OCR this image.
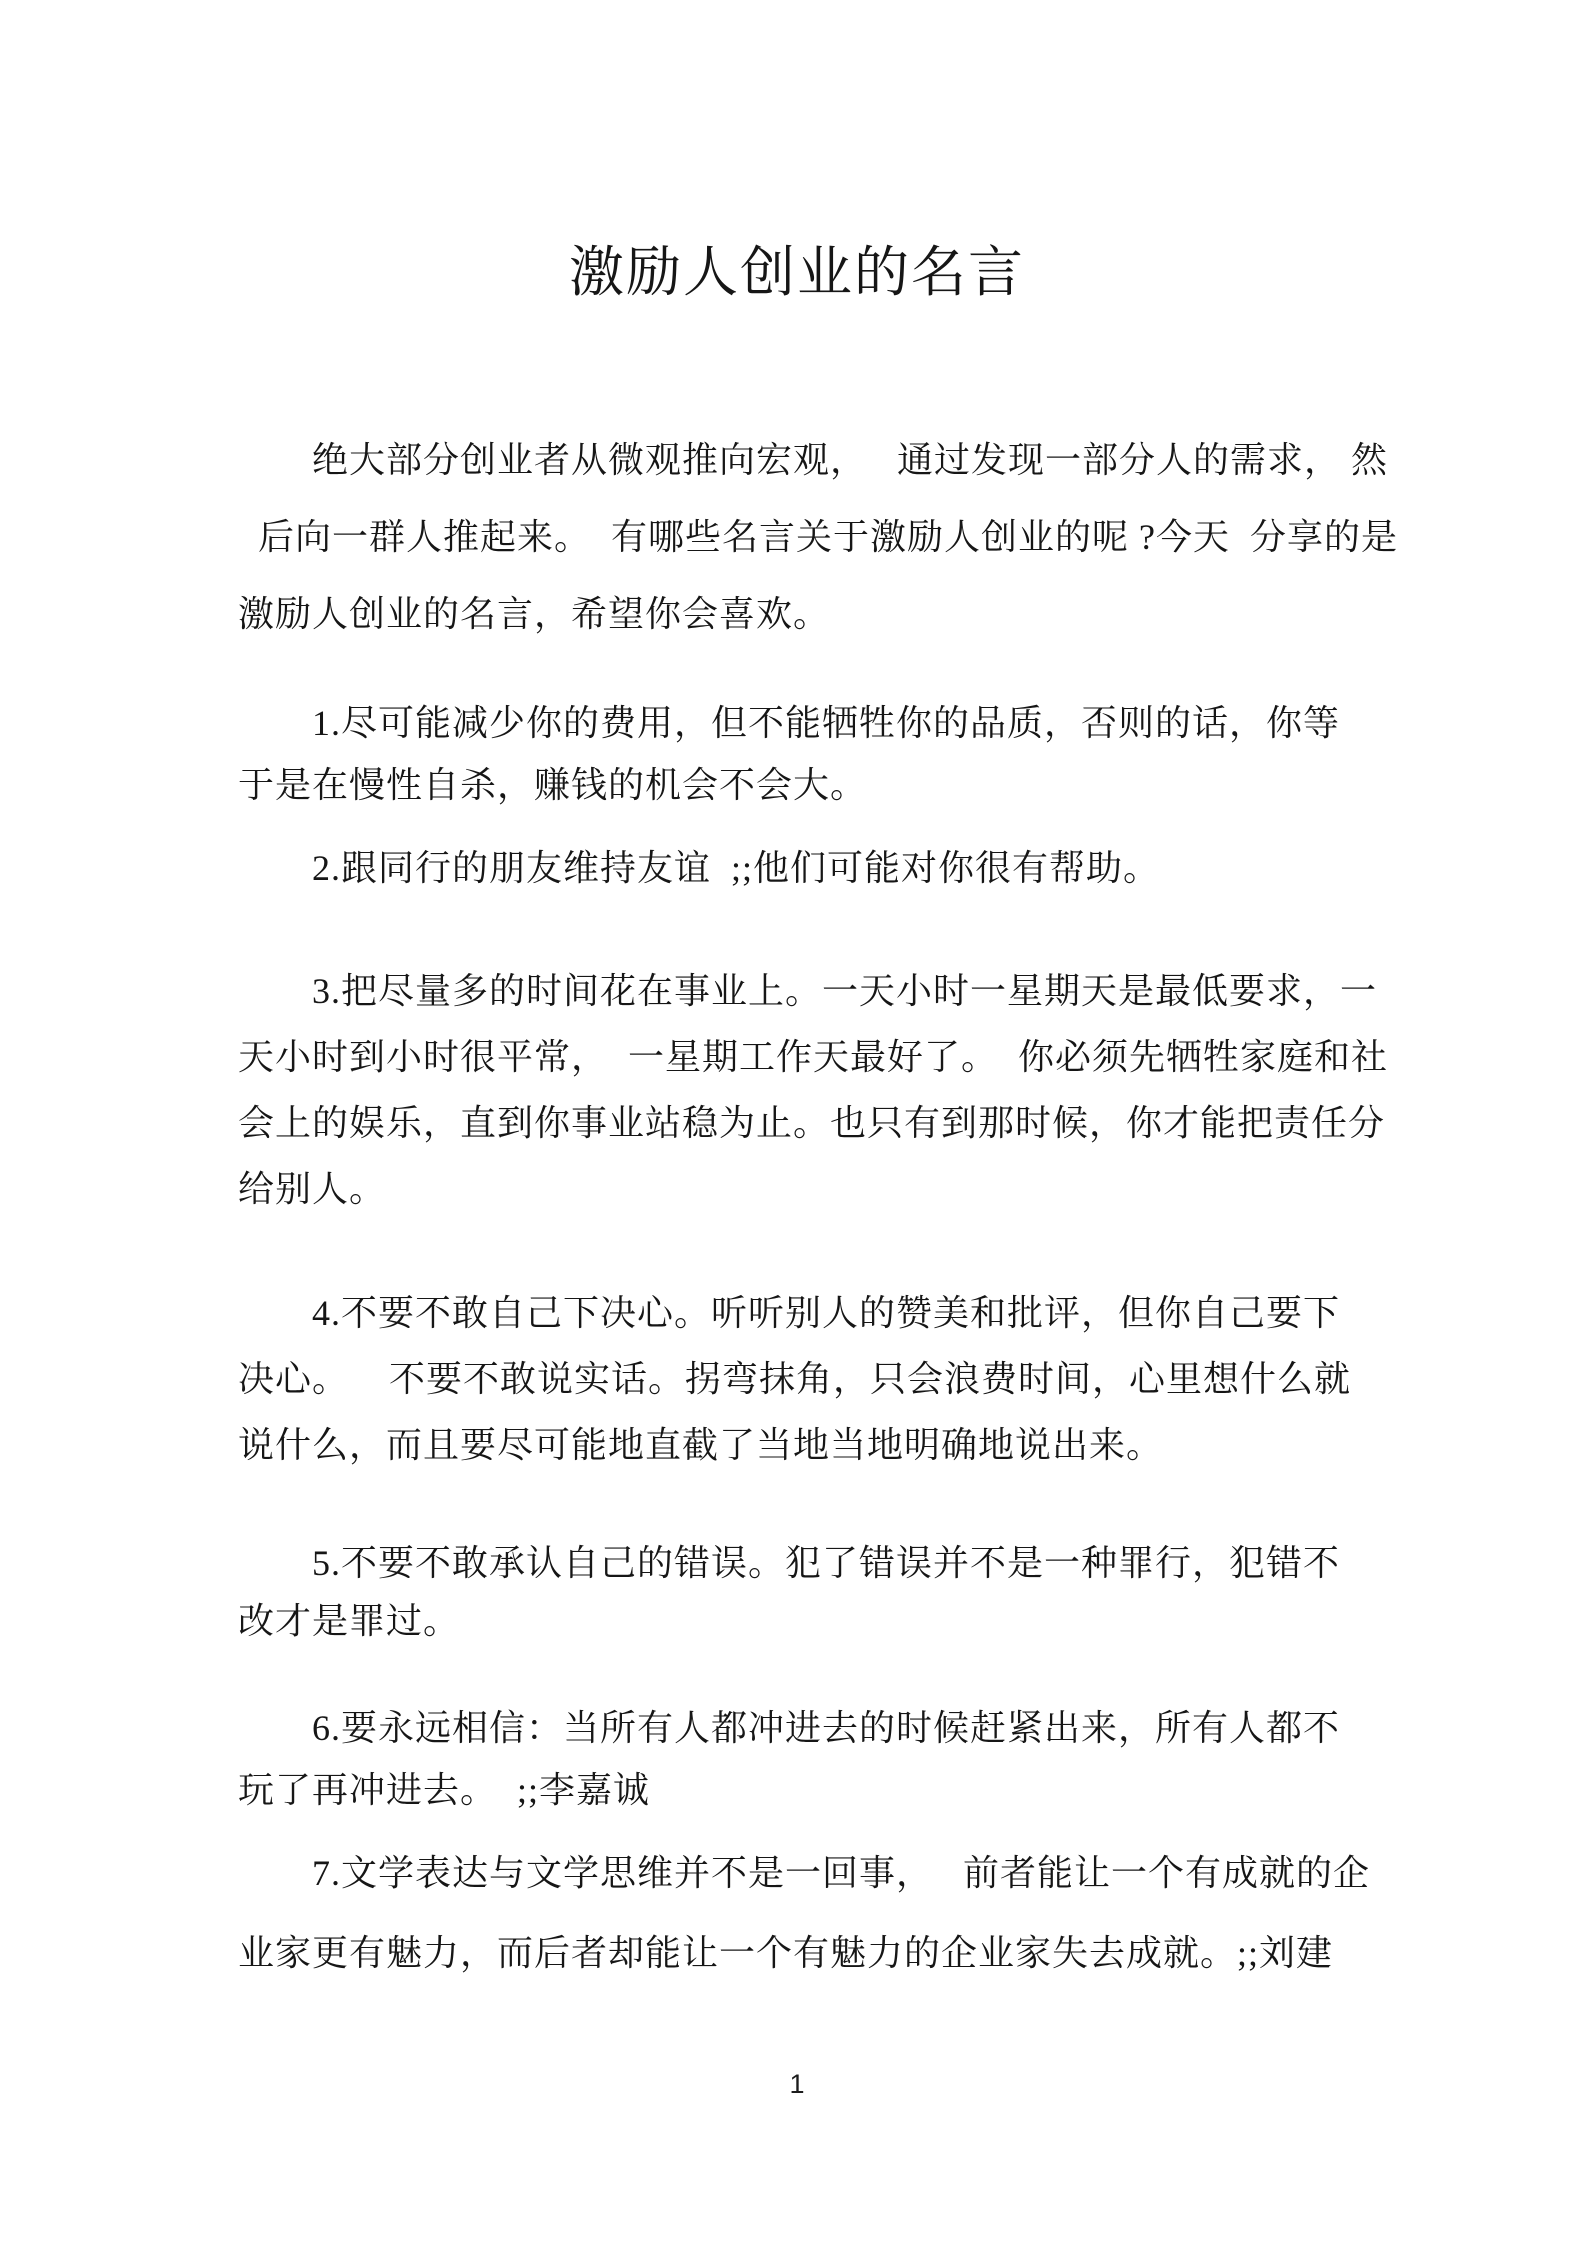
激励人创业的名言
绝大部分创业者从微观推向宏观，   通过发现一部分人的需求， 然
后向一群人推起来。  有哪些名言关于激励人创业的呢 ?今天  分享的是
激励人创业的名言，希望你会喜欢。
1.尽可能减少你的费用，但不能牺牲你的品质，否则的话，你等
于是在慢性自杀，赚钱的机会不会大。
2.跟同行的朋友维持友谊  ;;他们可能对你很有帮助。
3.把尽量多的时间花在事业上。一天小时一星期天是最低要求，一
天小时到小时很平常，  一星期工作天最好了。  你必须先牺牲家庭和社
会上的娱乐，直到你事业站稳为止。也只有到那时候，你才能把责任分
给别人。
4.不要不敢自己下决心。听听别人的赞美和批评，但你自己要下
决心。    不要不敢说实话。拐弯抹角，只会浪费时间，心里想什么就
说什么，而且要尽可能地直截了当地当地明确地说出来。
5.不要不敢承认自己的错误。犯了错误并不是一种罪行，犯错不
改才是罪过。
6.要永远相信：当所有人都冲进去的时候赶紧出来，所有人都不
玩了再冲进去。  ;;李嘉诚
7.文学表达与文学思维并不是一回事，   前者能让一个有成就的企
业家更有魅力，而后者却能让一个有魅力的企业家失去成就。;;刘建
1
